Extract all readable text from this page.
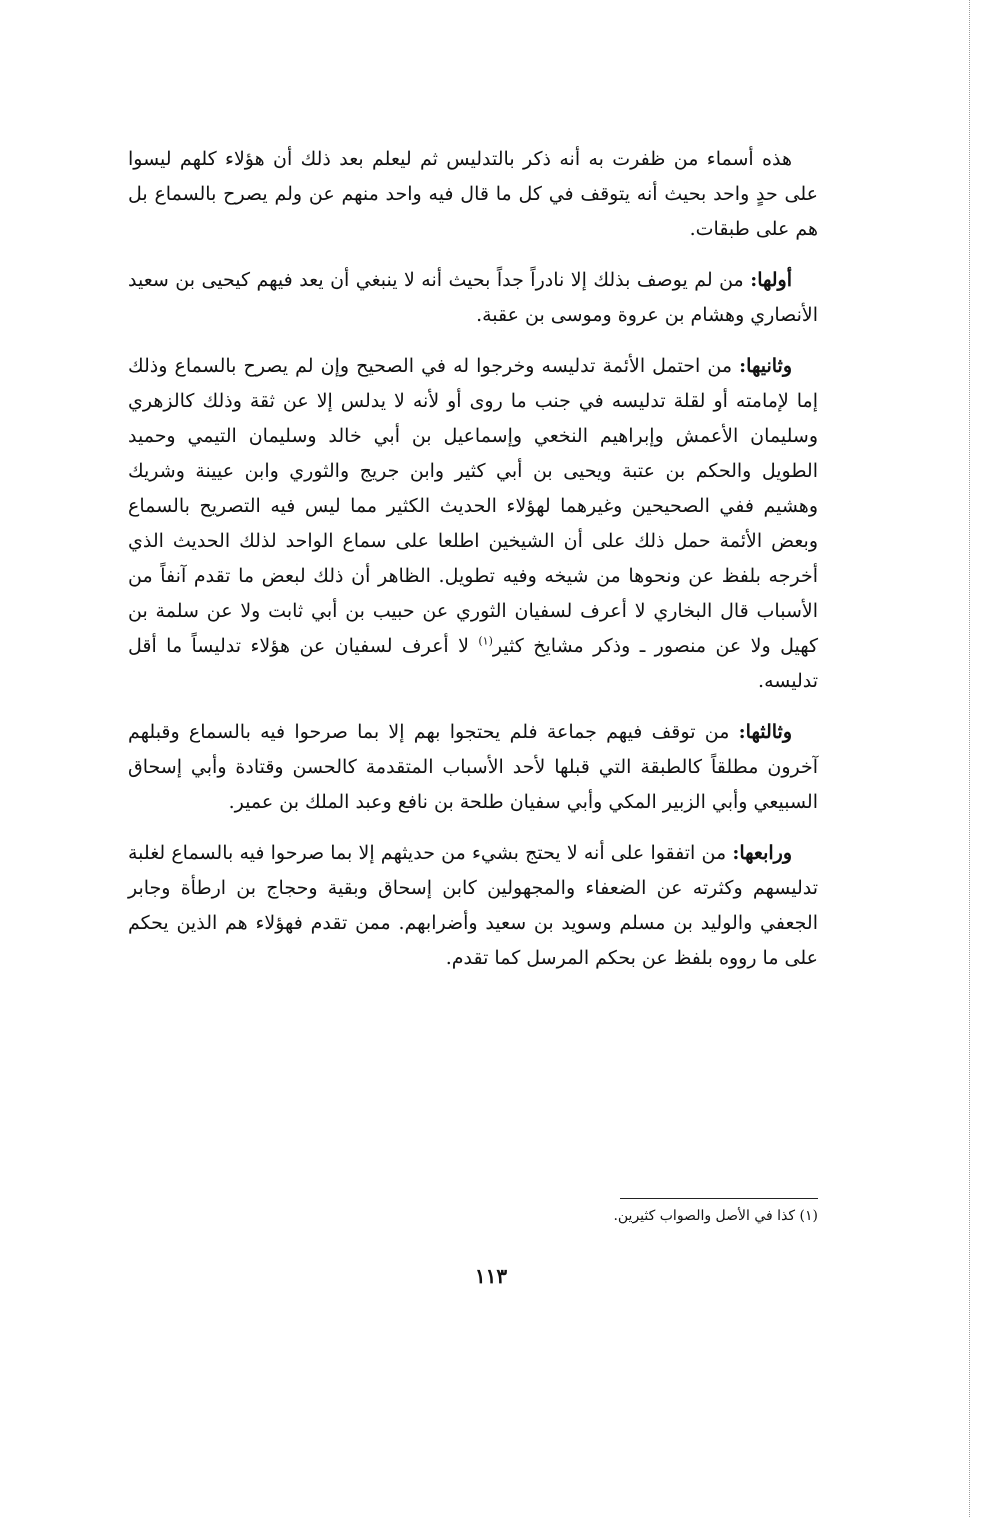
هذه أسماء من ظفرت به أنه ذكر بالتدليس ثم ليعلم بعد ذلك أن هؤلاء كلهم ليسوا على حدٍ واحد بحيث أنه يتوقف في كل ما قال فيه واحد منهم عن ولم يصرح بالسماع بل هم على طبقات.

أولها: من لم يوصف بذلك إلا نادراً جداً بحيث أنه لا ينبغي أن يعد فيهم كيحيى بن سعيد الأنصاري وهشام بن عروة وموسى بن عقبة.

وثانيها: من احتمل الأئمة تدليسه وخرجوا له في الصحيح وإن لم يصرح بالسماع وذلك إما لإمامته أو لقلة تدليسه في جنب ما روى أو لأنه لا يدلس إلا عن ثقة وذلك كالزهري وسليمان الأعمش وإبراهيم النخعي وإسماعيل بن أبي خالد وسليمان التيمي وحميد الطويل والحكم بن عتبة ويحيى بن أبي كثير وابن جريج والثوري وابن عيينة وشريك وهشيم ففي الصحيحين وغيرهما لهؤلاء الحديث الكثير مما ليس فيه التصريح بالسماع وبعض الأئمة حمل ذلك على أن الشيخين اطلعا على سماع الواحد لذلك الحديث الذي أخرجه بلفظ عن ونحوها من شيخه وفيه تطويل. الظاهر أن ذلك لبعض ما تقدم آنفاً من الأسباب قال البخاري لا أعرف لسفيان الثوري عن حبيب بن أبي ثابت ولا عن سلمة بن كهيل ولا عن منصور ـ وذكر مشايخ كثير$^{(١)}$ لا أعرف لسفيان عن هؤلاء تدليساً ما أقل تدليسه.

وثالثها: من توقف فيهم جماعة فلم يحتجوا بهم إلا بما صرحوا فيه بالسماع وقبلهم آخرون مطلقاً كالطبقة التي قبلها لأحد الأسباب المتقدمة كالحسن وقتادة وأبي إسحاق السبيعي وأبي الزبير المكي وأبي سفيان طلحة بن نافع وعبد الملك بن عمير.

ورابعها: من اتفقوا على أنه لا يحتج بشيء من حديثهم إلا بما صرحوا فيه بالسماع لغلبة تدليسهم وكثرته عن الضعفاء والمجهولين كابن إسحاق وبقية وحجاج بن ارطأة وجابر الجعفي والوليد بن مسلم وسويد بن سعيد وأضرابهم. ممن تقدم فهؤلاء هم الذين يحكم على ما رووه بلفظ عن بحكم المرسل كما تقدم.

(١) كذا في الأصل والصواب كثيرين.
١١٣
